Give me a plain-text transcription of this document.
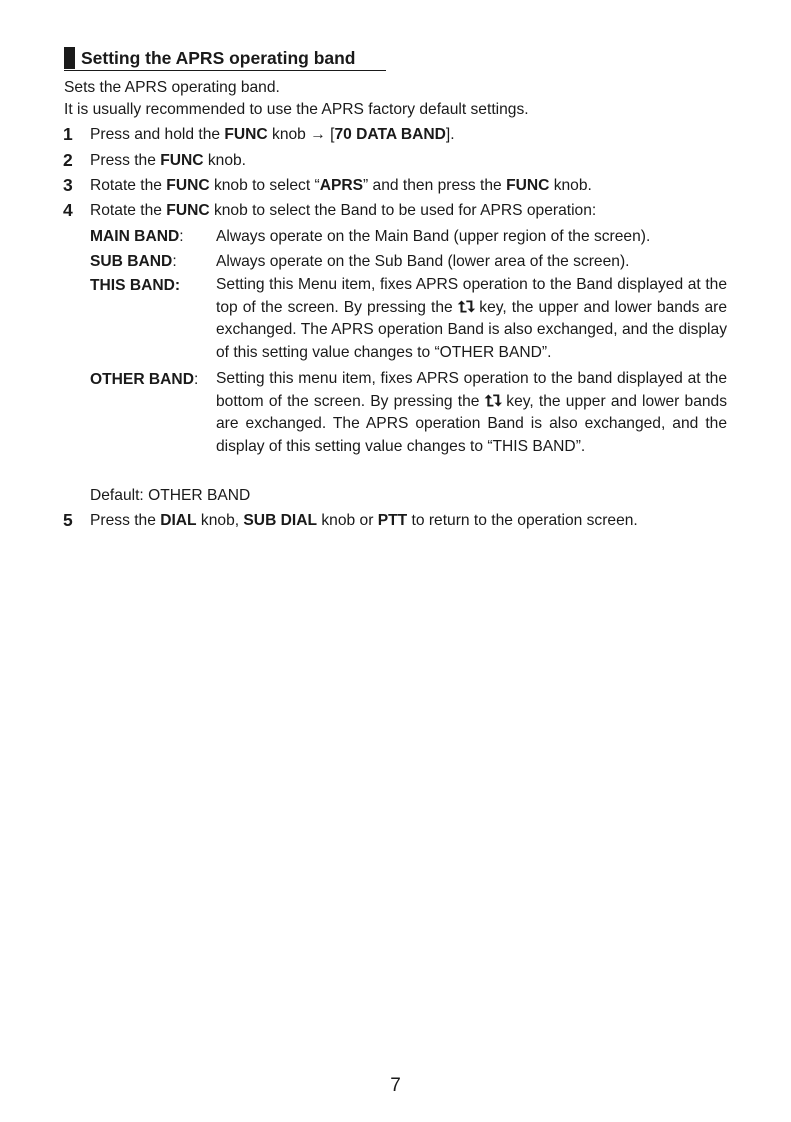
Setting the APRS operating band
Sets the APRS operating band.
It is usually recommended to use the APRS factory default settings.
1 Press and hold the FUNC knob → [70 DATA BAND].
2 Press the FUNC knob.
3 Rotate the FUNC knob to select “APRS” and then press the FUNC knob.
4 Rotate the FUNC knob to select the Band to be used for APRS operation:
MAIN BAND: Always operate on the Main Band (upper region of the screen).
SUB BAND:	Always operate on the Sub Band (lower area of the screen).
THIS BAND: Setting this Menu item, fixes APRS operation to the Band displayed at the top of the screen. By pressing the ⮤⮧ key, the upper and lower bands are exchanged. The APRS operation Band is also exchanged, and the display of this setting value changes to “OTHER BAND”.
OTHER BAND: Setting this menu item, fixes APRS operation to the band displayed at the bottom of the screen. By pressing the ⮤⮧ key, the upper and lower bands are exchanged. The APRS operation Band is also exchanged, and the display of this setting value changes to “THIS BAND”.
Default: OTHER BAND
5 Press the DIAL knob, SUB DIAL knob or PTT to return to the operation screen.
7
